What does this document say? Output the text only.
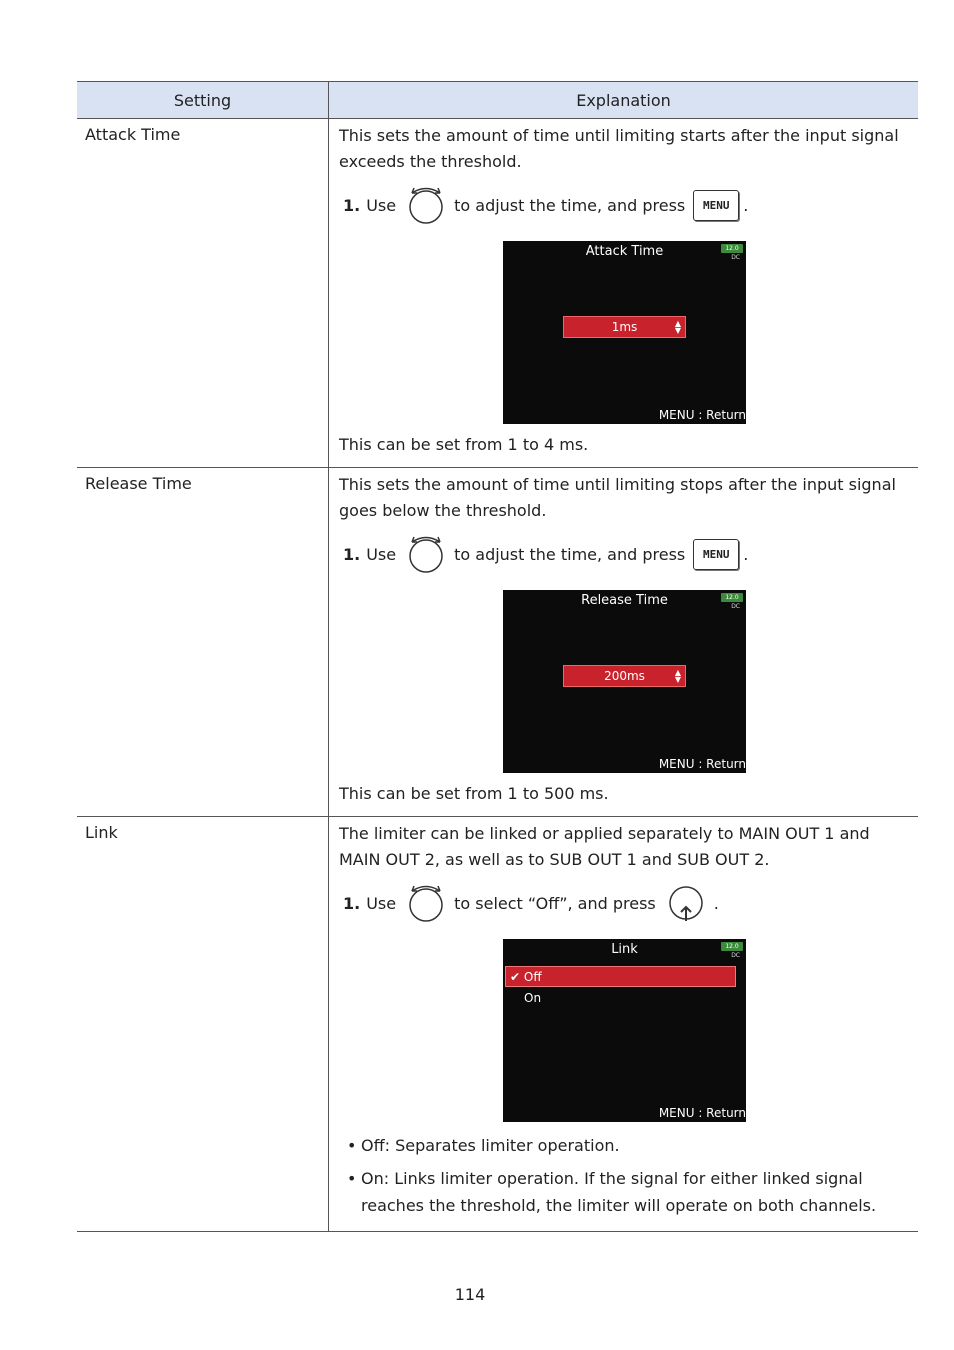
Setting	Explanation
Attack Time	This sets the amount of time until limiting starts after the input signal exceeds the threshold.

1. Use	to adjust the time, and press	MENU .
Attack Time	12.0
DC
1ms	▲
▼
MENU : Return

This can be set from 1 to 4 ms.

Release Time	This sets the amount of time until limiting stops after the input signal goes below the threshold.

1. Use	to adjust the time, and press	MENU .
Release Time	12.0
DC
200ms	▲
▼
MENU : Return

This can be set from 1 to 500 ms.

Link	The limiter can be linked or applied separately to MAIN OUT 1 and MAIN OUT 2, as well as to SUB OUT 1 and SUB OUT 2.

1. Use	to select “Off”, and press	.
Link	12.0
DC
✔ Off
On
MENU : Return
• Off: Separates limiter operation.
• On: Links limiter operation. If the signal for either linked signal reaches the threshold, the limiter will operate on both channels.
114
